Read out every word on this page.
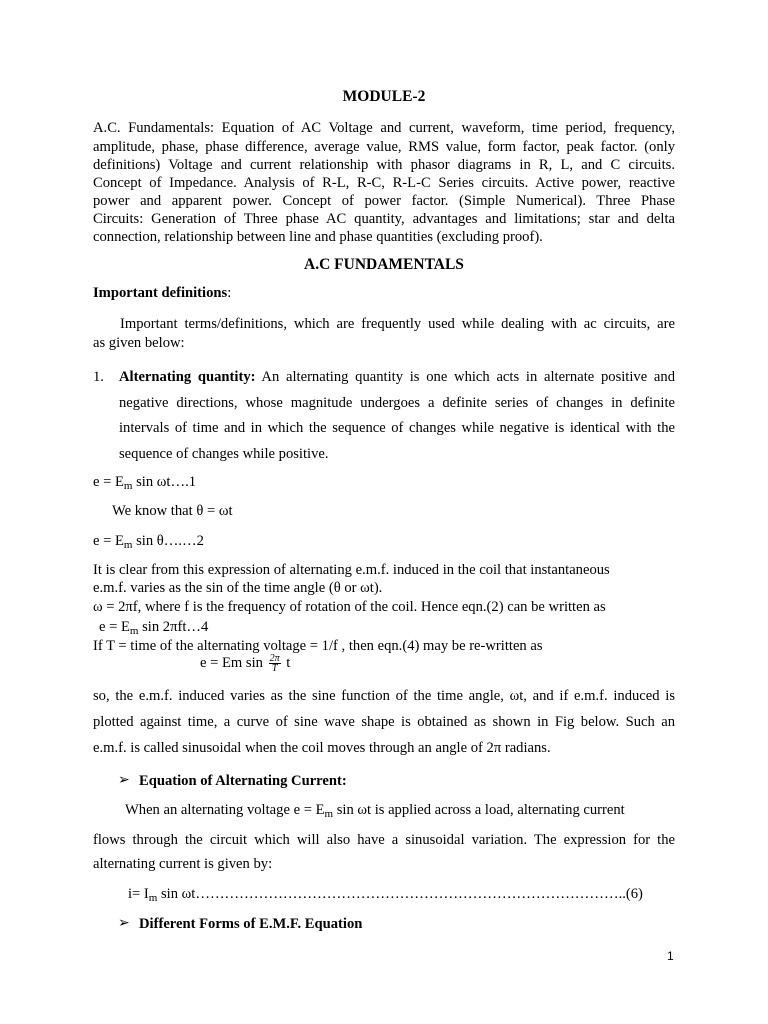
MODULE-2
A.C. Fundamentals: Equation of AC Voltage and current, waveform, time period, frequency,
amplitude, phase, phase difference, average value, RMS value, form factor, peak factor. (only
definitions) Voltage and current relationship with phasor diagrams in R, L, and C circuits.
Concept of Impedance. Analysis of R-L, R-C, R-L-C Series circuits. Active power, reactive
power and apparent power. Concept of power factor. (Simple Numerical). Three Phase
Circuits: Generation of Three phase AC quantity, advantages and limitations; star and delta
connection, relationship between line and phase quantities (excluding proof).
A.C FUNDAMENTALS
Important definitions:
Important terms/definitions, which are frequently used while dealing with ac circuits, are
as given below:
1. Alternating quantity: An alternating quantity is one which acts in alternate positive and
negative directions, whose magnitude undergoes a definite series of changes in definite
intervals of time and in which the sequence of changes while negative is identical with the
sequence of changes while positive.
$e = E_m$ sin ωt….1
We know that θ = ωt
$e = E_m$ sin θ….…2
It is clear from this expression of alternating e.m.f. induced in the coil that instantaneous
e.m.f. varies as the sin of the time angle (θ or ωt).
ω = 2πf, where f is the frequency of rotation of the coil. Hence eqn.(2) can be written as
$e = E_m$ sin 2πft…4
If T = time of the alternating voltage = 1/f , then eqn.(4) may be re-written as
e = Em $\sin \frac{2\pi}{T}$ t
so, the e.m.f. induced varies as the sine function of the time angle, ωt, and if e.m.f. induced is
plotted against time, a curve of sine wave shape is obtained as shown in Fig below. Such an
e.m.f. is called sinusoidal when the coil moves through an angle of 2π radians.
➢ Equation of Alternating Current:
When an alternating voltage $e = E_m$ sin ωt is applied across a load, alternating current
flows through the circuit which will also have a sinusoidal variation. The expression for the
alternating current is given by:
$i= I_m$ sin ωt……………………………………………………………………………..(6)
➢ Different Forms of E.M.F. Equation
1
